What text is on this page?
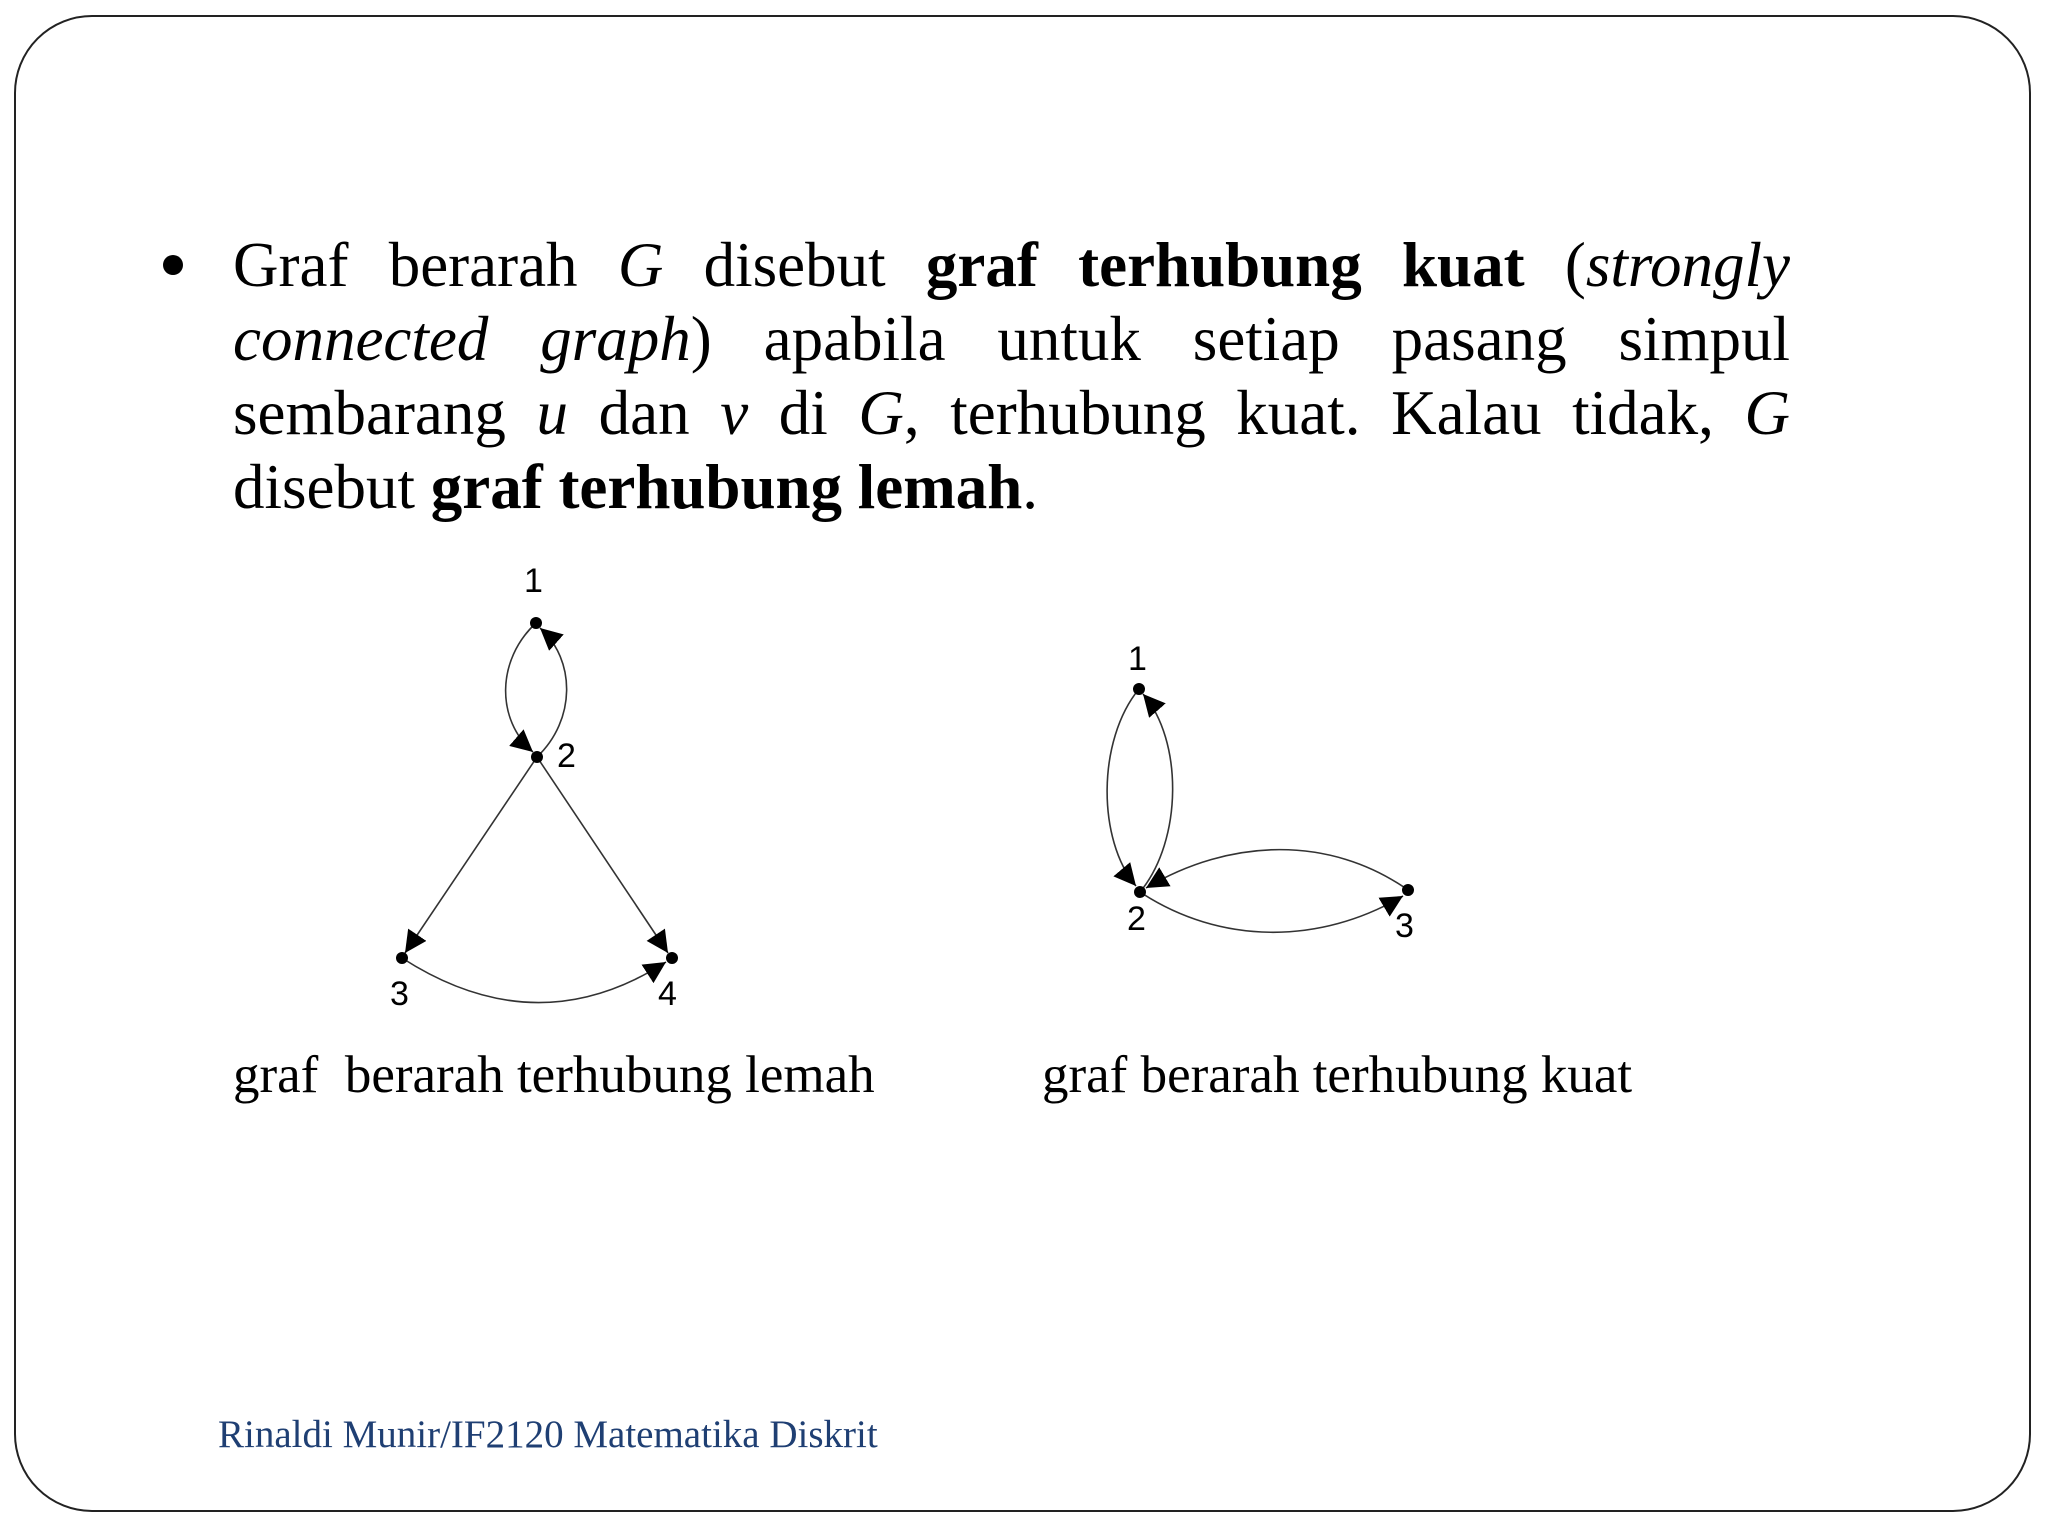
Graf berarah G disebut graf terhubung kuat (strongly connected graph) apabila untuk setiap pasang simpul sembarang u dan v di G, terhubung kuat. Kalau tidak, G disebut graf terhubung lemah.
1
2
3	4
1
2	3
graf  berarah terhubung lemah	graf berarah terhubung kuat
Rinaldi Munir/IF2120 Matematika Diskrit
